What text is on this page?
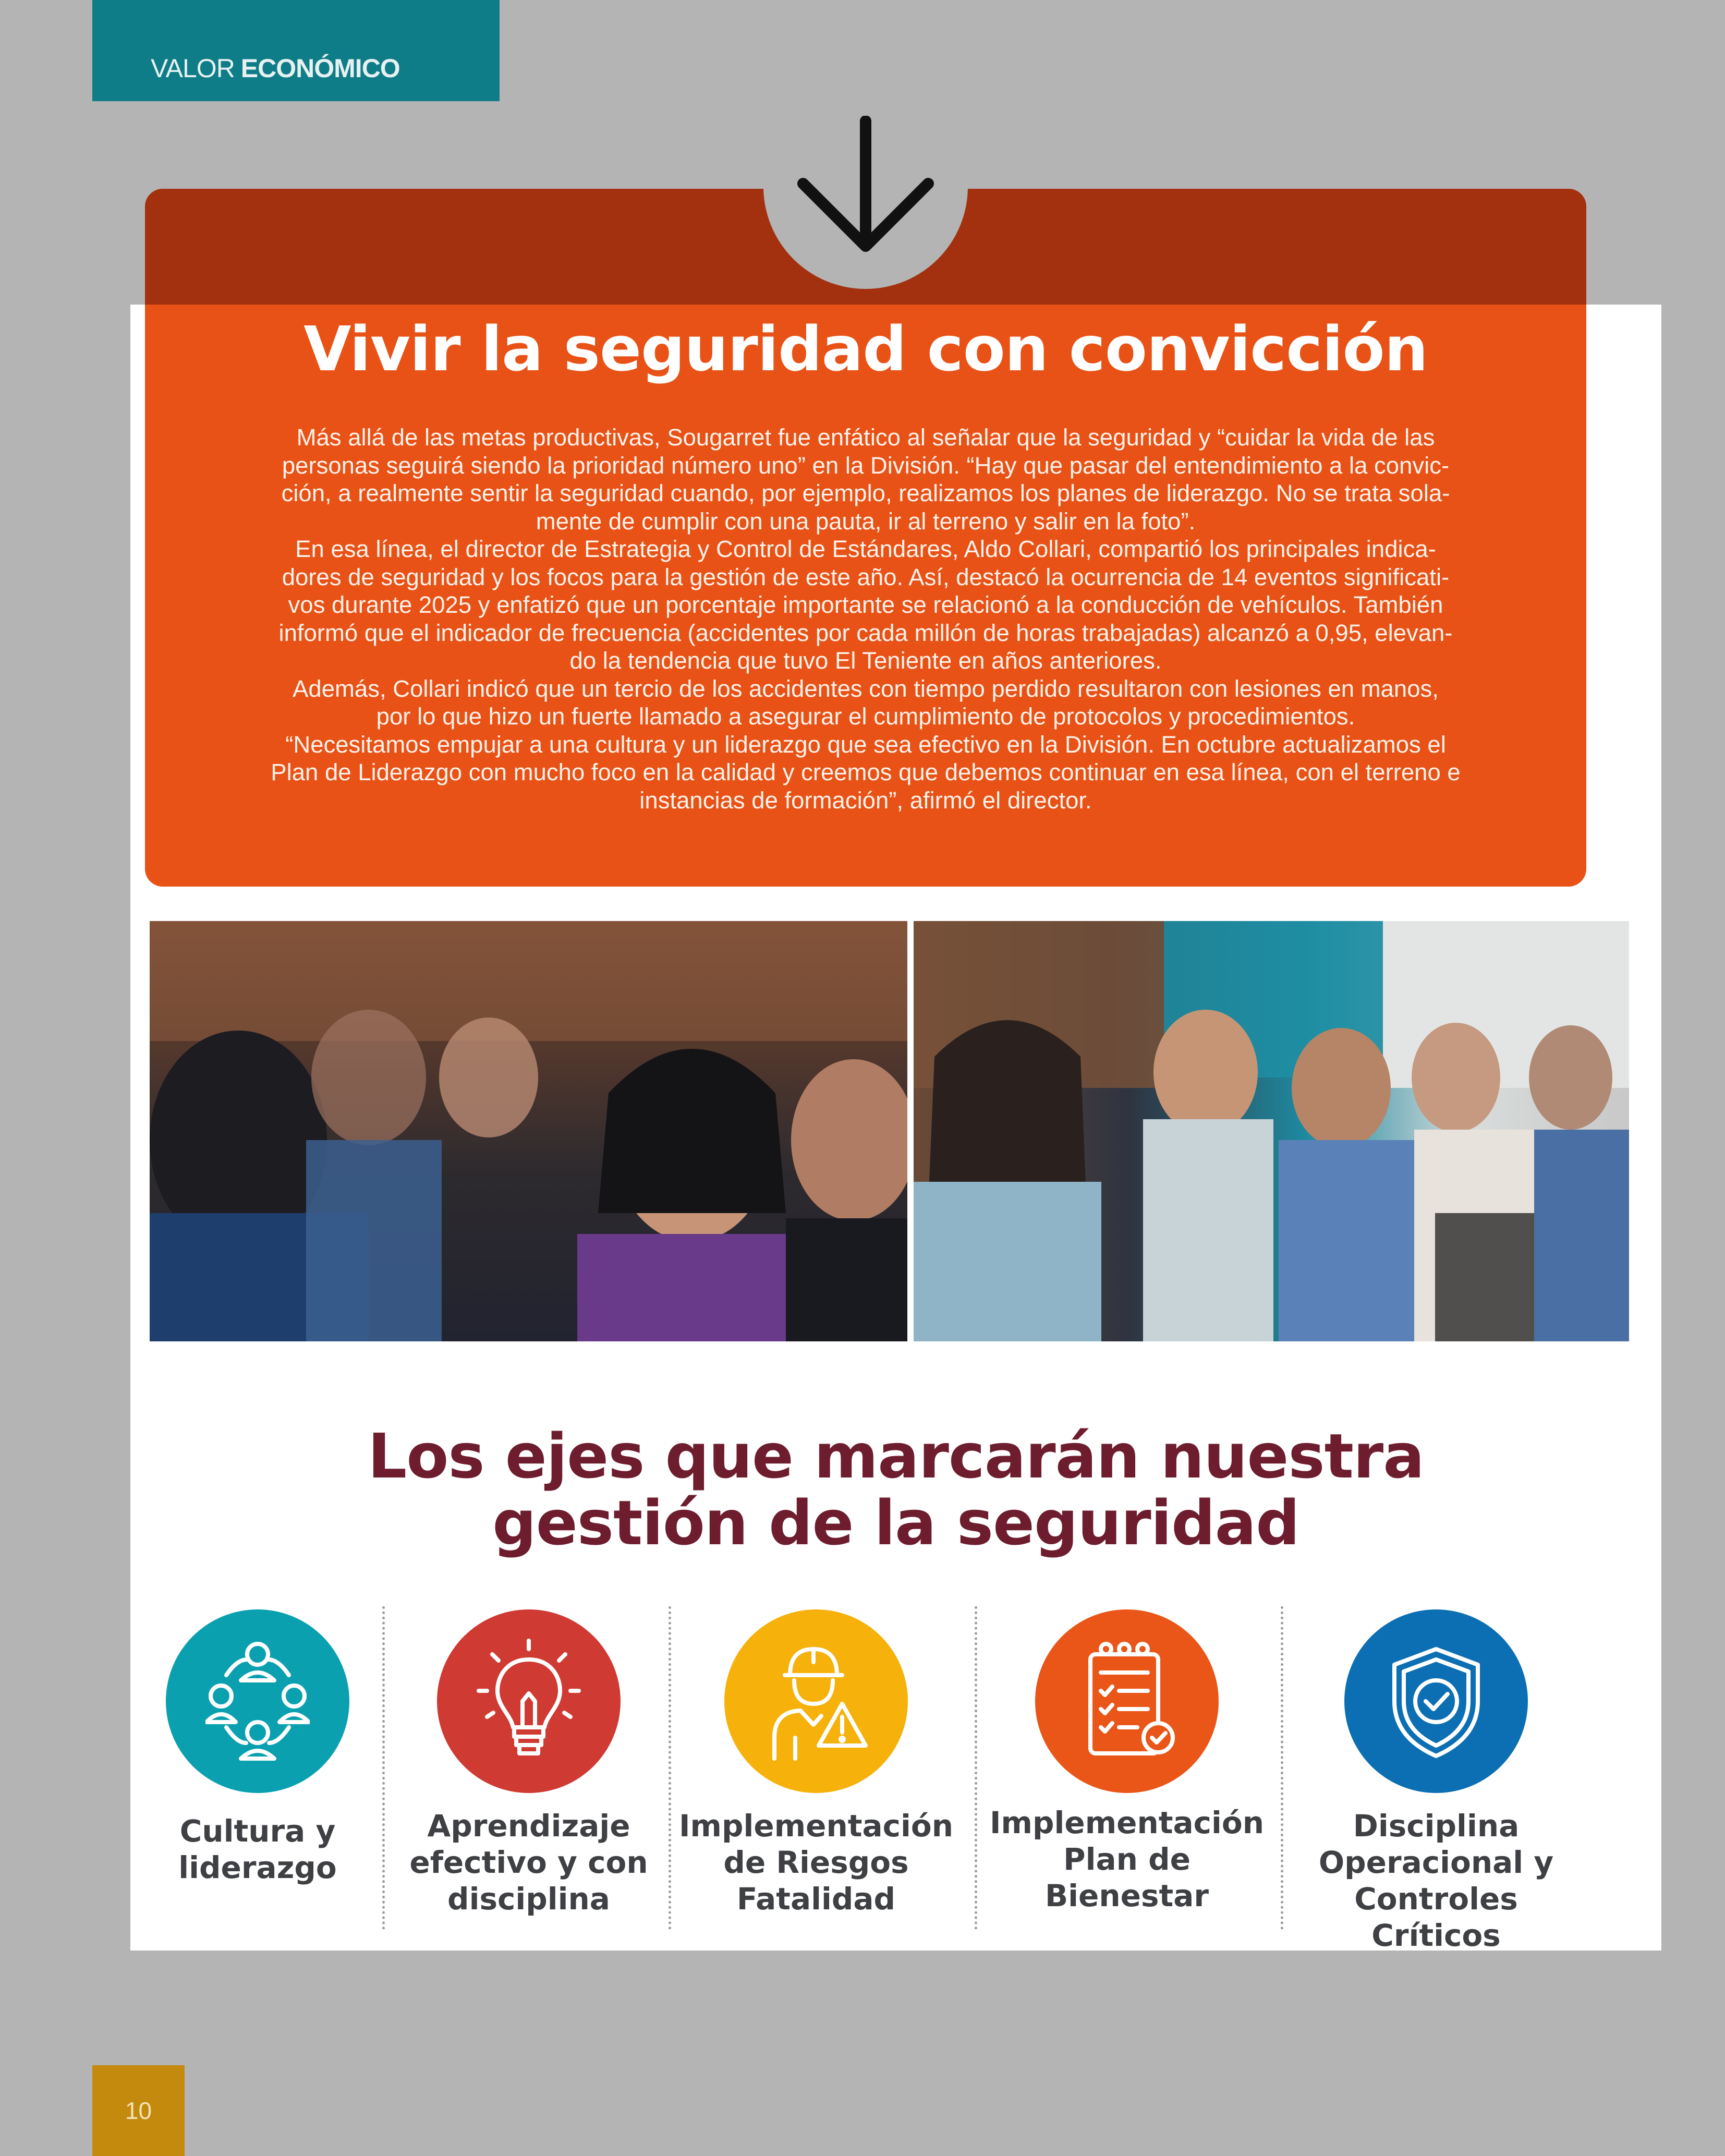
VALOR ECONÓMICO
Vivir la seguridad con convicción

Más allá de las metas productivas, Sougarret fue enfático al señalar que la seguridad y “cuidar la vida de las

personas seguirá siendo la prioridad número uno” en la División. “Hay que pasar del entendimiento a la convic-

ción, a realmente sentir la seguridad cuando, por ejemplo, realizamos los planes de liderazgo. No se trata sola-

mente de cumplir con una pauta, ir al terreno y salir en la foto”.

En esa línea, el director de Estrategia y Control de Estándares, Aldo Collari, compartió los principales indica-

dores de seguridad y los focos para la gestión de este año. Así, destacó la ocurrencia de 14 eventos significati-

vos durante 2025 y enfatizó que un porcentaje importante se relacionó a la conducción de vehículos. También

informó que el indicador de frecuencia (accidentes por cada millón de horas trabajadas) alcanzó a 0,95, elevan-

do la tendencia que tuvo El Teniente en años anteriores.

Además, Collari indicó que un tercio de los accidentes con tiempo perdido resultaron con lesiones en manos,

por lo que hizo un fuerte llamado a asegurar el cumplimiento de protocolos y procedimientos.

“Necesitamos empujar a una cultura y un liderazgo que sea efectivo en la División. En octubre actualizamos el

Plan de Liderazgo con mucho foco en la calidad y creemos que debemos continuar en esa línea, con el terreno e

instancias de formación”, afirmó el director.

Los ejes que marcarán nuestra
gestión de la seguridad
Cultura y
liderazgo
Aprendizaje
efectivo y con
disciplina
Implementación
de Riesgos
Fatalidad
Implementación
Plan de
Bienestar
Disciplina
Operacional y
Controles Críticos
10
